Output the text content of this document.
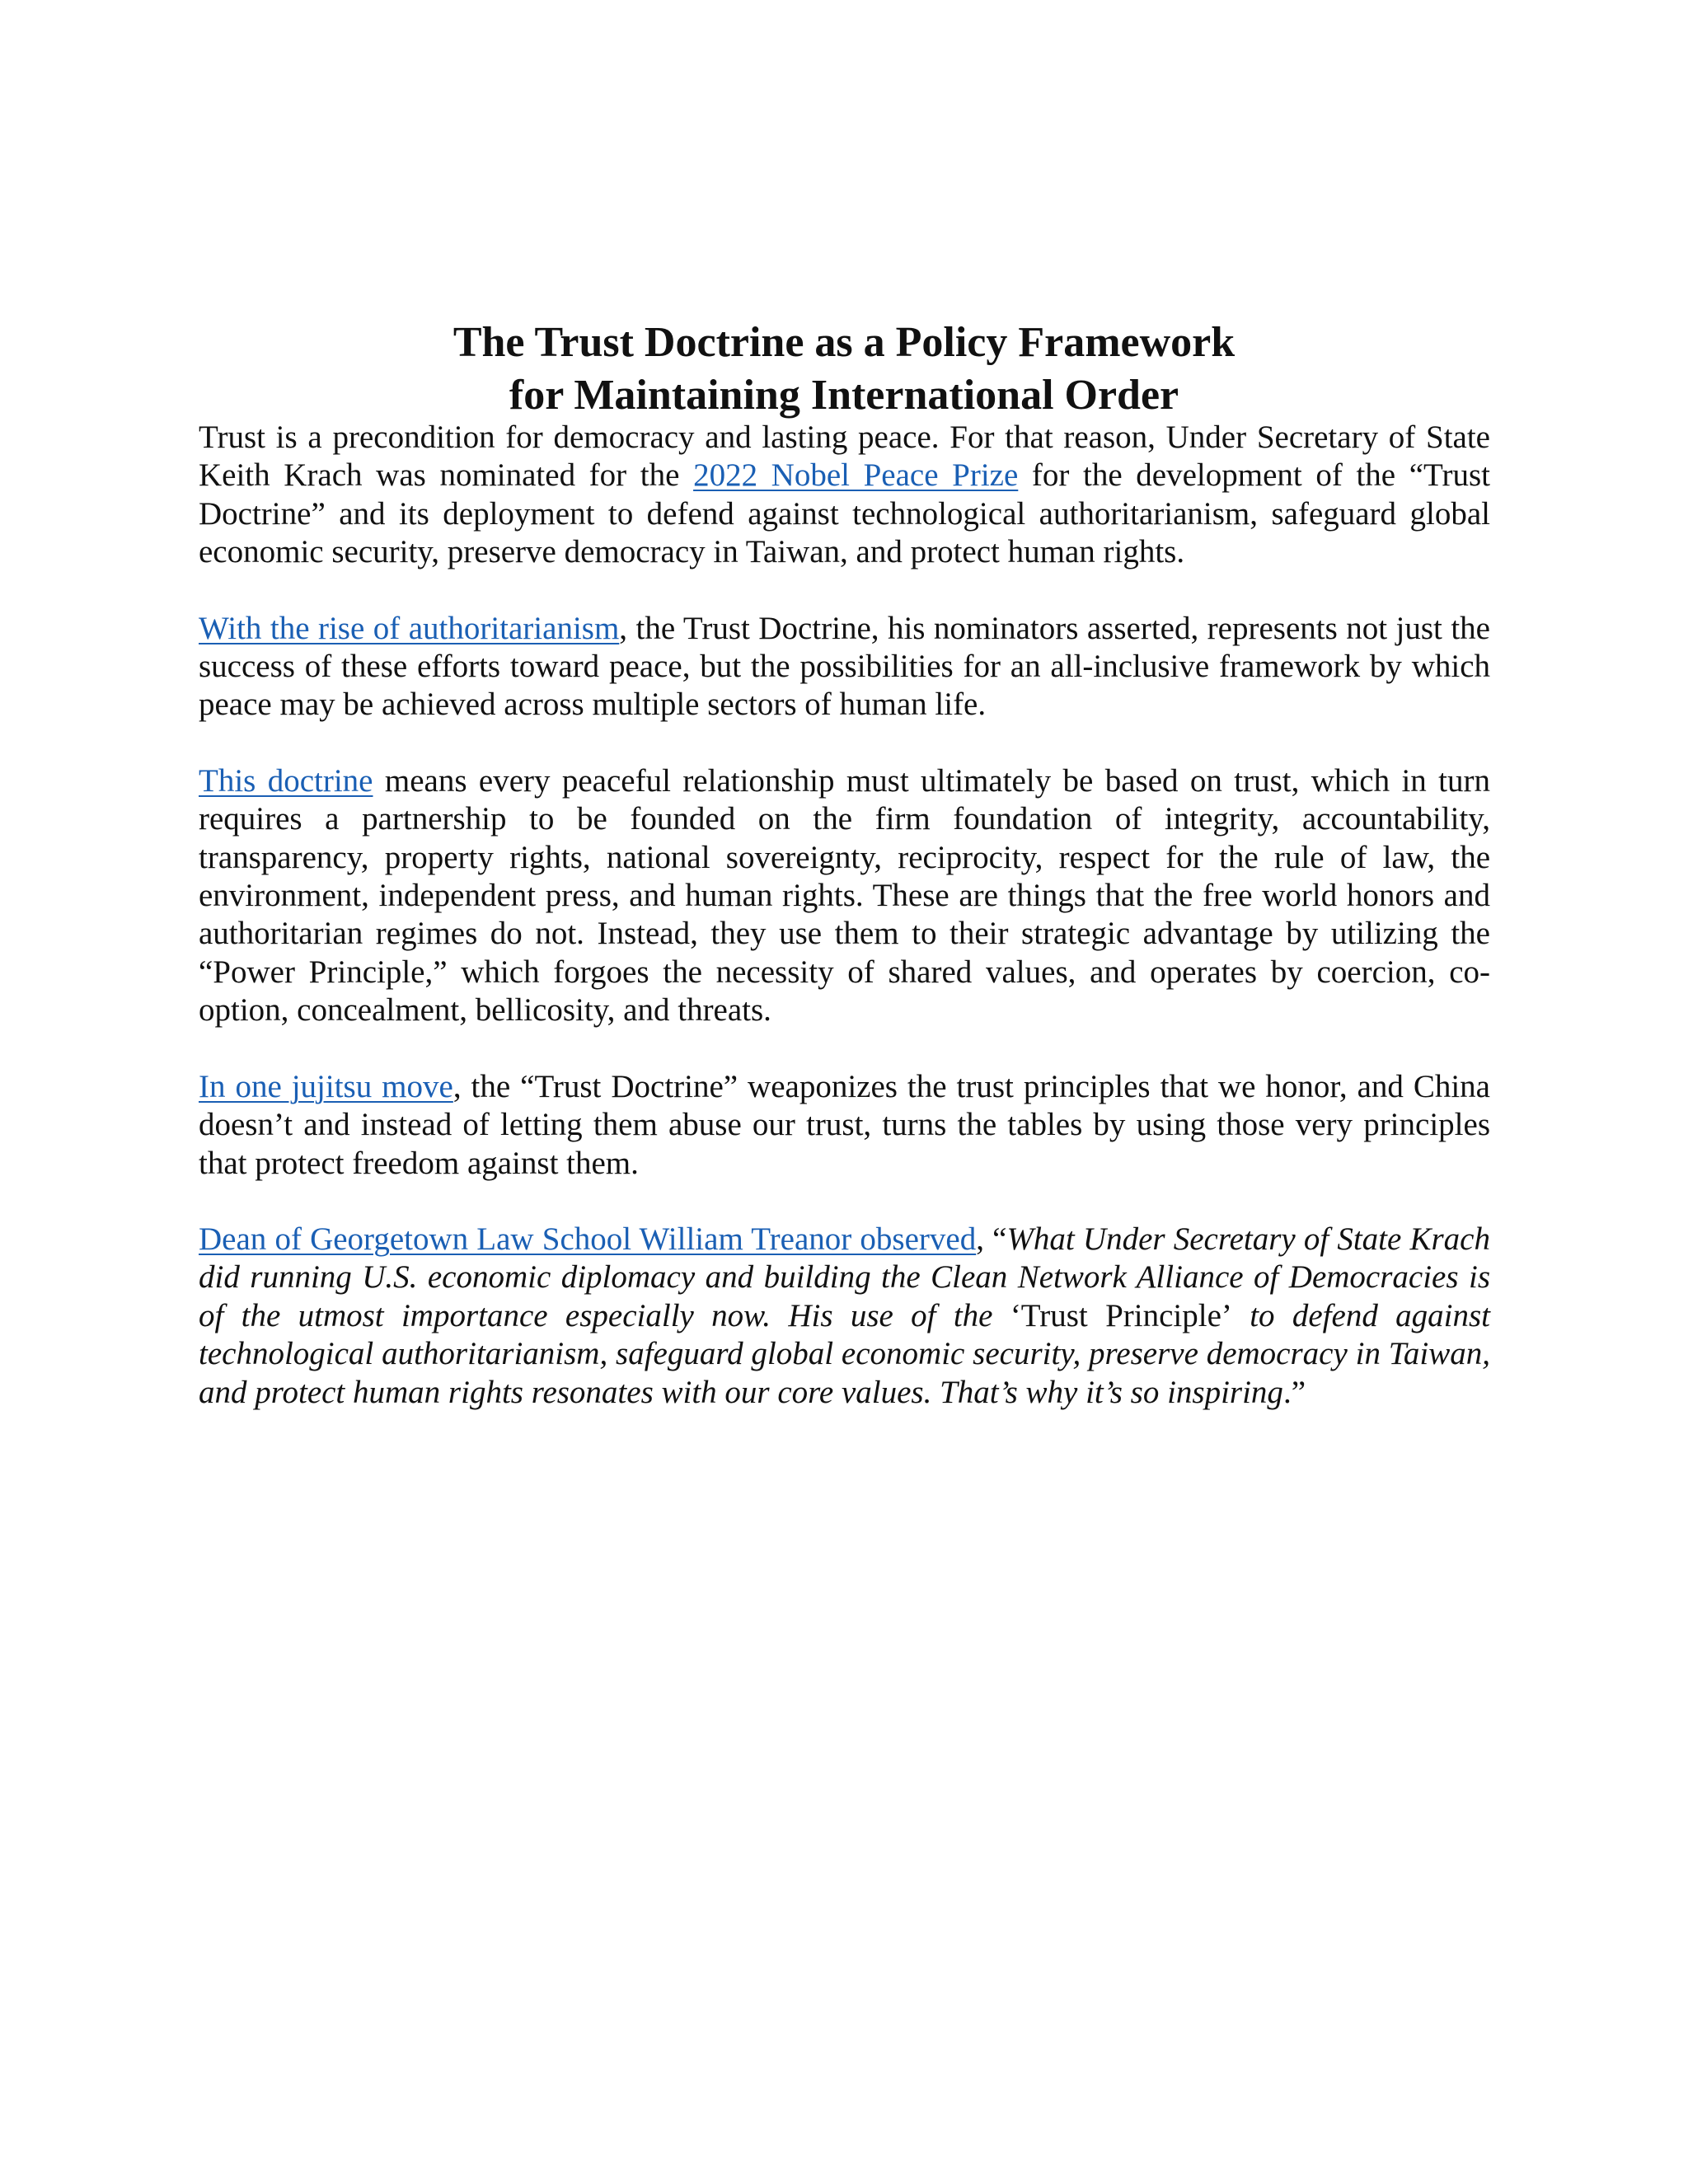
The Trust Doctrine as a Policy Framework
for Maintaining International Order

Trust is a precondition for democracy and lasting peace. For that reason, Under Secretary of State Keith Krach was nominated for the 2022 Nobel Peace Prize for the development of the “Trust Doctrine” and its deployment to defend against technological authoritarianism, safeguard global economic security, preserve democracy in Taiwan, and protect human rights.

With the rise of authoritarianism, the Trust Doctrine, his nominators asserted, represents not just the success of these efforts toward peace, but the possibilities for an all-inclusive framework by which peace may be achieved across multiple sectors of human life.

This doctrine means every peaceful relationship must ultimately be based on trust, which in turn requires a partnership to be founded on the firm foundation of integrity, accountability, transparency, property rights, national sovereignty, reciprocity, respect for the rule of law, the environment, independent press, and human rights. These are things that the free world honors and authoritarian regimes do not. Instead, they use them to their strategic advantage by utilizing the “Power Principle,” which forgoes the necessity of shared values, and operates by coercion, co-option, concealment, bellicosity, and threats.

In one jujitsu move, the “Trust Doctrine” weaponizes the trust principles that we honor, and China doesn’t and instead of letting them abuse our trust, turns the tables by using those very principles that protect freedom against them.

Dean of Georgetown Law School William Treanor observed, “What Under Secretary of State Krach did running U.S. economic diplomacy and building the Clean Network Alliance of Democracies is of the utmost importance especially now. His use of the ‘Trust Principle’ to defend against technological authoritarianism, safeguard global economic security, preserve democracy in Taiwan, and protect human rights resonates with our core values. That’s why it’s so inspiring.”
